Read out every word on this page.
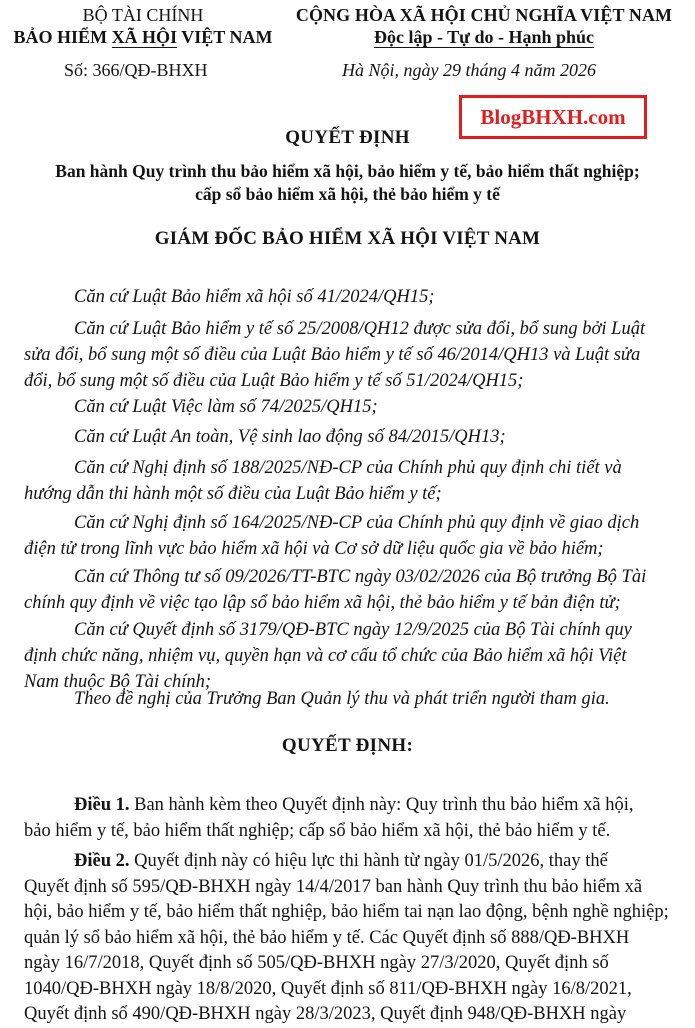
BỘ TÀI CHÍNH
BẢO HIỂM XÃ HỘI VIỆT NAM
CỘNG HÒA XÃ HỘI CHỦ NGHĨA VIỆT NAM
Độc lập - Tự do - Hạnh phúc
Số: 366/QĐ-BHXH	Hà Nội, ngày 29 tháng 4 năm 2026
BlogBHXH.com
QUYẾT ĐỊNH
Ban hành Quy trình thu bảo hiểm xã hội, bảo hiểm y tế, bảo hiểm thất nghiệp;
cấp sổ bảo hiểm xã hội, thẻ bảo hiểm y tế
GIÁM ĐỐC BẢO HIỂM XÃ HỘI VIỆT NAM
Căn cứ Luật Bảo hiểm xã hội số 41/2024/QH15;
Căn cứ Luật Bảo hiểm y tế số 25/2008/QH12 được sửa đổi, bổ sung bởi Luật
sửa đổi, bổ sung một số điều của Luật Bảo hiểm y tế số 46/2014/QH13 và Luật sửa
đổi, bổ sung một số điều của Luật Bảo hiểm y tế số 51/2024/QH15;
Căn cứ Luật Việc làm số 74/2025/QH15;
Căn cứ Luật An toàn, Vệ sinh lao động số 84/2015/QH13;
Căn cứ Nghị định số 188/2025/NĐ-CP của Chính phủ quy định chi tiết và
hướng dẫn thi hành một số điều của Luật Bảo hiểm y tế;
Căn cứ Nghị định số 164/2025/NĐ-CP của Chính phủ quy định về giao dịch
điện tử trong lĩnh vực bảo hiểm xã hội và Cơ sở dữ liệu quốc gia về bảo hiểm;
Căn cứ Thông tư số 09/2026/TT-BTC ngày 03/02/2026 của Bộ trưởng Bộ Tài
chính quy định về việc tạo lập sổ bảo hiểm xã hội, thẻ bảo hiểm y tế bản điện tử;
Căn cứ Quyết định số 3179/QĐ-BTC ngày 12/9/2025 của Bộ Tài chính quy
định chức năng, nhiệm vụ, quyền hạn và cơ cấu tổ chức của Bảo hiểm xã hội Việt
Nam thuộc Bộ Tài chính;
Theo đề nghị của Trưởng Ban Quản lý thu và phát triển người tham gia.
QUYẾT ĐỊNH:
Điều 1. Ban hành kèm theo Quyết định này: Quy trình thu bảo hiểm xã hội,
bảo hiểm y tế, bảo hiểm thất nghiệp; cấp sổ bảo hiểm xã hội, thẻ bảo hiểm y tế.
Điều 2. Quyết định này có hiệu lực thi hành từ ngày 01/5/2026, thay thế
Quyết định số 595/QĐ-BHXH ngày 14/4/2017 ban hành Quy trình thu bảo hiểm xã
hội, bảo hiểm y tế, bảo hiểm thất nghiệp, bảo hiểm tai nạn lao động, bệnh nghề nghiệp;
quản lý sổ bảo hiểm xã hội, thẻ bảo hiểm y tế. Các Quyết định số 888/QĐ-BHXH
ngày 16/7/2018, Quyết định số 505/QĐ-BHXH ngày 27/3/2020, Quyết định số
1040/QĐ-BHXH ngày 18/8/2020, Quyết định số 811/QĐ-BHXH ngày 16/8/2021,
Quyết định số 490/QĐ-BHXH ngày 28/3/2023, Quyết định 948/QĐ-BHXH ngày
